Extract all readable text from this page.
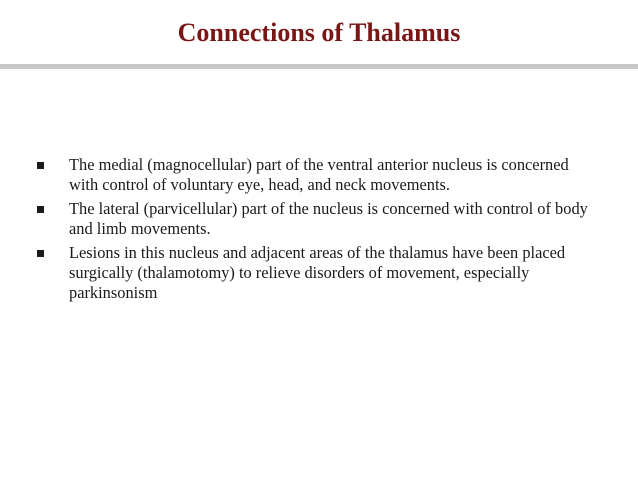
Connections of Thalamus
The medial (magnocellular) part of the ventral anterior nucleus is concerned with control of voluntary eye, head, and neck movements.
The lateral (parvicellular) part of the nucleus is concerned with control of body and limb movements.
Lesions in this nucleus and adjacent areas of the thalamus have been placed surgically (thalamotomy) to relieve disorders of movement, especially parkinsonism
